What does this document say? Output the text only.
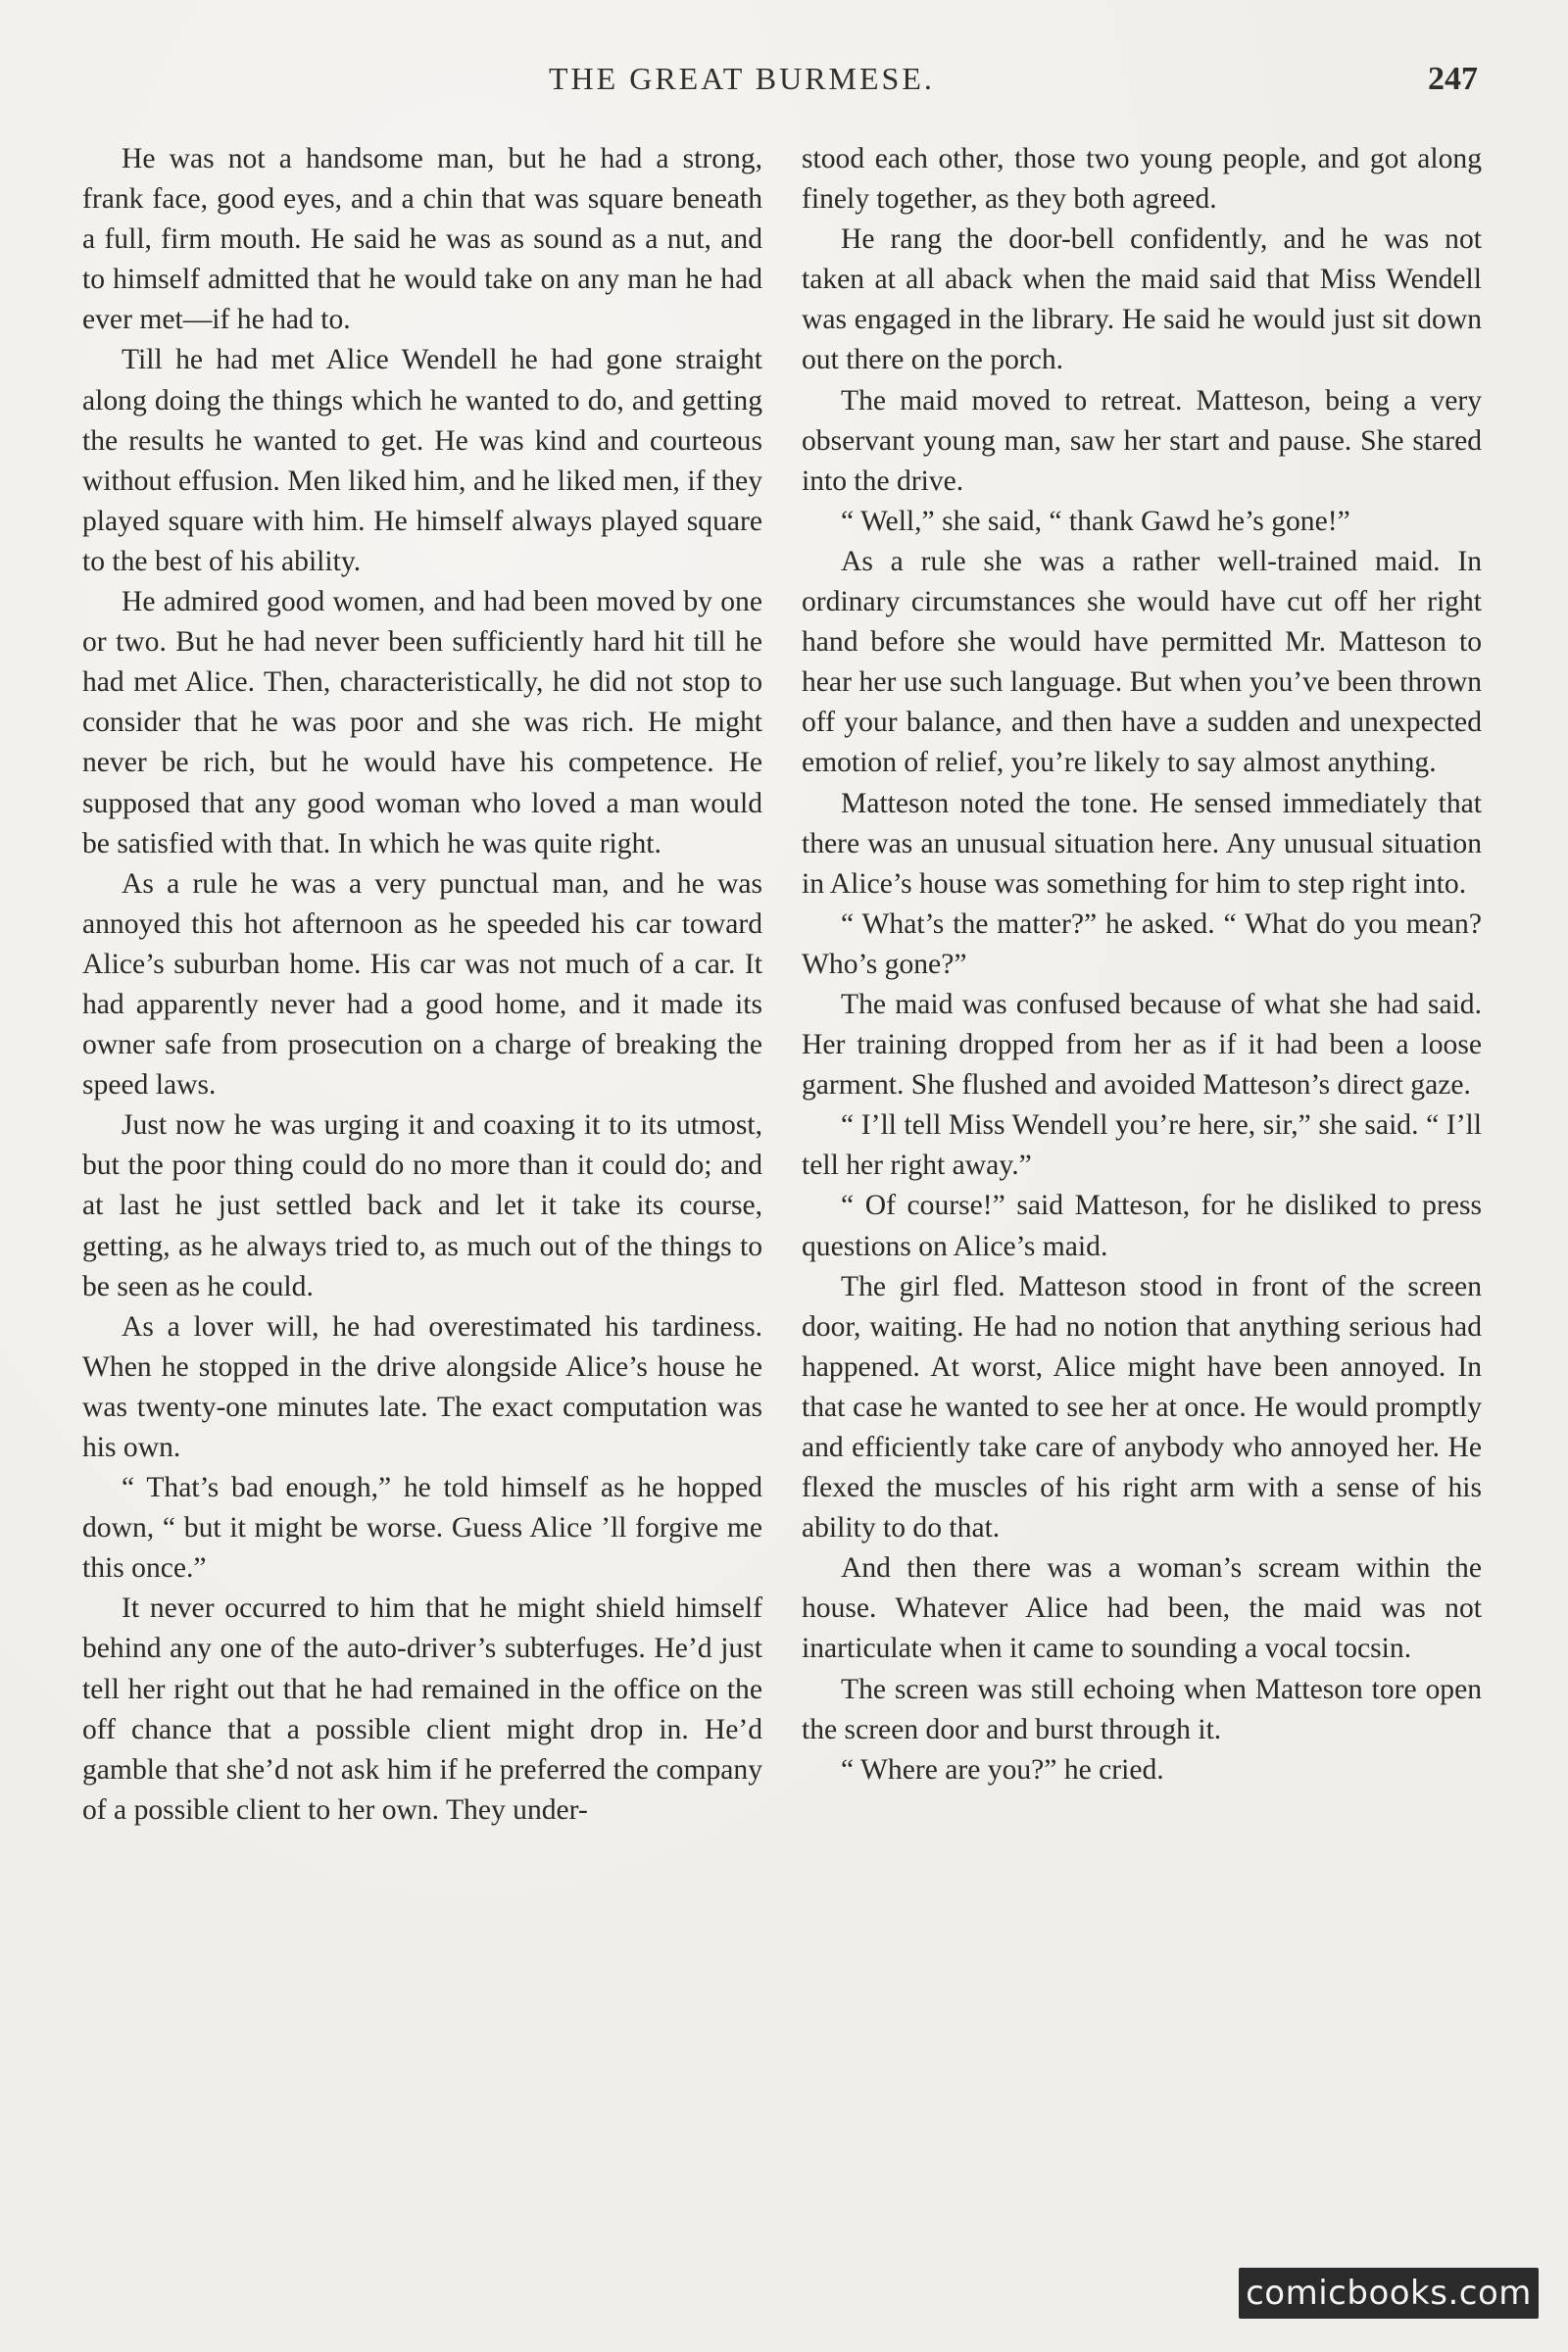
THE GREAT BURMESE.	247

He was not a handsome man, but he had a strong, frank face, good eyes, and a chin that was square beneath a full, firm mouth. He said he was as sound as a nut, and to himself admitted that he would take on any man he had ever met—if he had to.

Till he had met Alice Wendell he had gone straight along doing the things which he wanted to do, and getting the results he wanted to get. He was kind and courteous without effusion. Men liked him, and he liked men, if they played square with him. He himself always played square to the best of his ability.

He admired good women, and had been moved by one or two. But he had never been sufficiently hard hit till he had met Alice. Then, characteristically, he did not stop to consider that he was poor and she was rich. He might never be rich, but he would have his competence. He supposed that any good woman who loved a man would be satisfied with that. In which he was quite right.

As a rule he was a very punctual man, and he was annoyed this hot afternoon as he speeded his car toward Alice’s suburban home. His car was not much of a car. It had apparently never had a good home, and it made its owner safe from prosecution on a charge of breaking the speed laws.

Just now he was urging it and coaxing it to its utmost, but the poor thing could do no more than it could do; and at last he just settled back and let it take its course, getting, as he always tried to, as much out of the things to be seen as he could.

As a lover will, he had overestimated his tardiness. When he stopped in the drive alongside Alice’s house he was twenty-one minutes late. The exact computation was his own.

“ That’s bad enough,” he told himself as he hopped down, “ but it might be worse. Guess Alice ’ll forgive me this once.”

It never occurred to him that he might shield himself behind any one of the auto-driver’s subterfuges. He’d just tell her right out that he had remained in the office on the off chance that a possible client might drop in. He’d gamble that she’d not ask him if he preferred the company of a possible client to her own. They under-

stood each other, those two young people, and got along finely together, as they both agreed.

He rang the door-bell confidently, and he was not taken at all aback when the maid said that Miss Wendell was engaged in the library. He said he would just sit down out there on the porch.

The maid moved to retreat. Matteson, being a very observant young man, saw her start and pause. She stared into the drive.

“ Well,” she said, “ thank Gawd he’s gone!”

As a rule she was a rather well-trained maid. In ordinary circumstances she would have cut off her right hand before she would have permitted Mr. Matteson to hear her use such language. But when you’ve been thrown off your balance, and then have a sudden and unexpected emotion of relief, you’re likely to say almost anything.

Matteson noted the tone. He sensed immediately that there was an unusual situation here. Any unusual situation in Alice’s house was something for him to step right into.

“ What’s the matter?” he asked. “ What do you mean? Who’s gone?”

The maid was confused because of what she had said. Her training dropped from her as if it had been a loose garment. She flushed and avoided Matteson’s direct gaze.

“ I’ll tell Miss Wendell you’re here, sir,” she said. “ I’ll tell her right away.”

“ Of course!” said Matteson, for he disliked to press questions on Alice’s maid.

The girl fled. Matteson stood in front of the screen door, waiting. He had no notion that anything serious had happened. At worst, Alice might have been annoyed. In that case he wanted to see her at once. He would promptly and efficiently take care of anybody who annoyed her. He flexed the muscles of his right arm with a sense of his ability to do that.

And then there was a woman’s scream within the house. Whatever Alice had been, the maid was not inarticulate when it came to sounding a vocal tocsin.

The screen was still echoing when Matteson tore open the screen door and burst through it.

“ Where are you?” he cried.

comicbooks.com
